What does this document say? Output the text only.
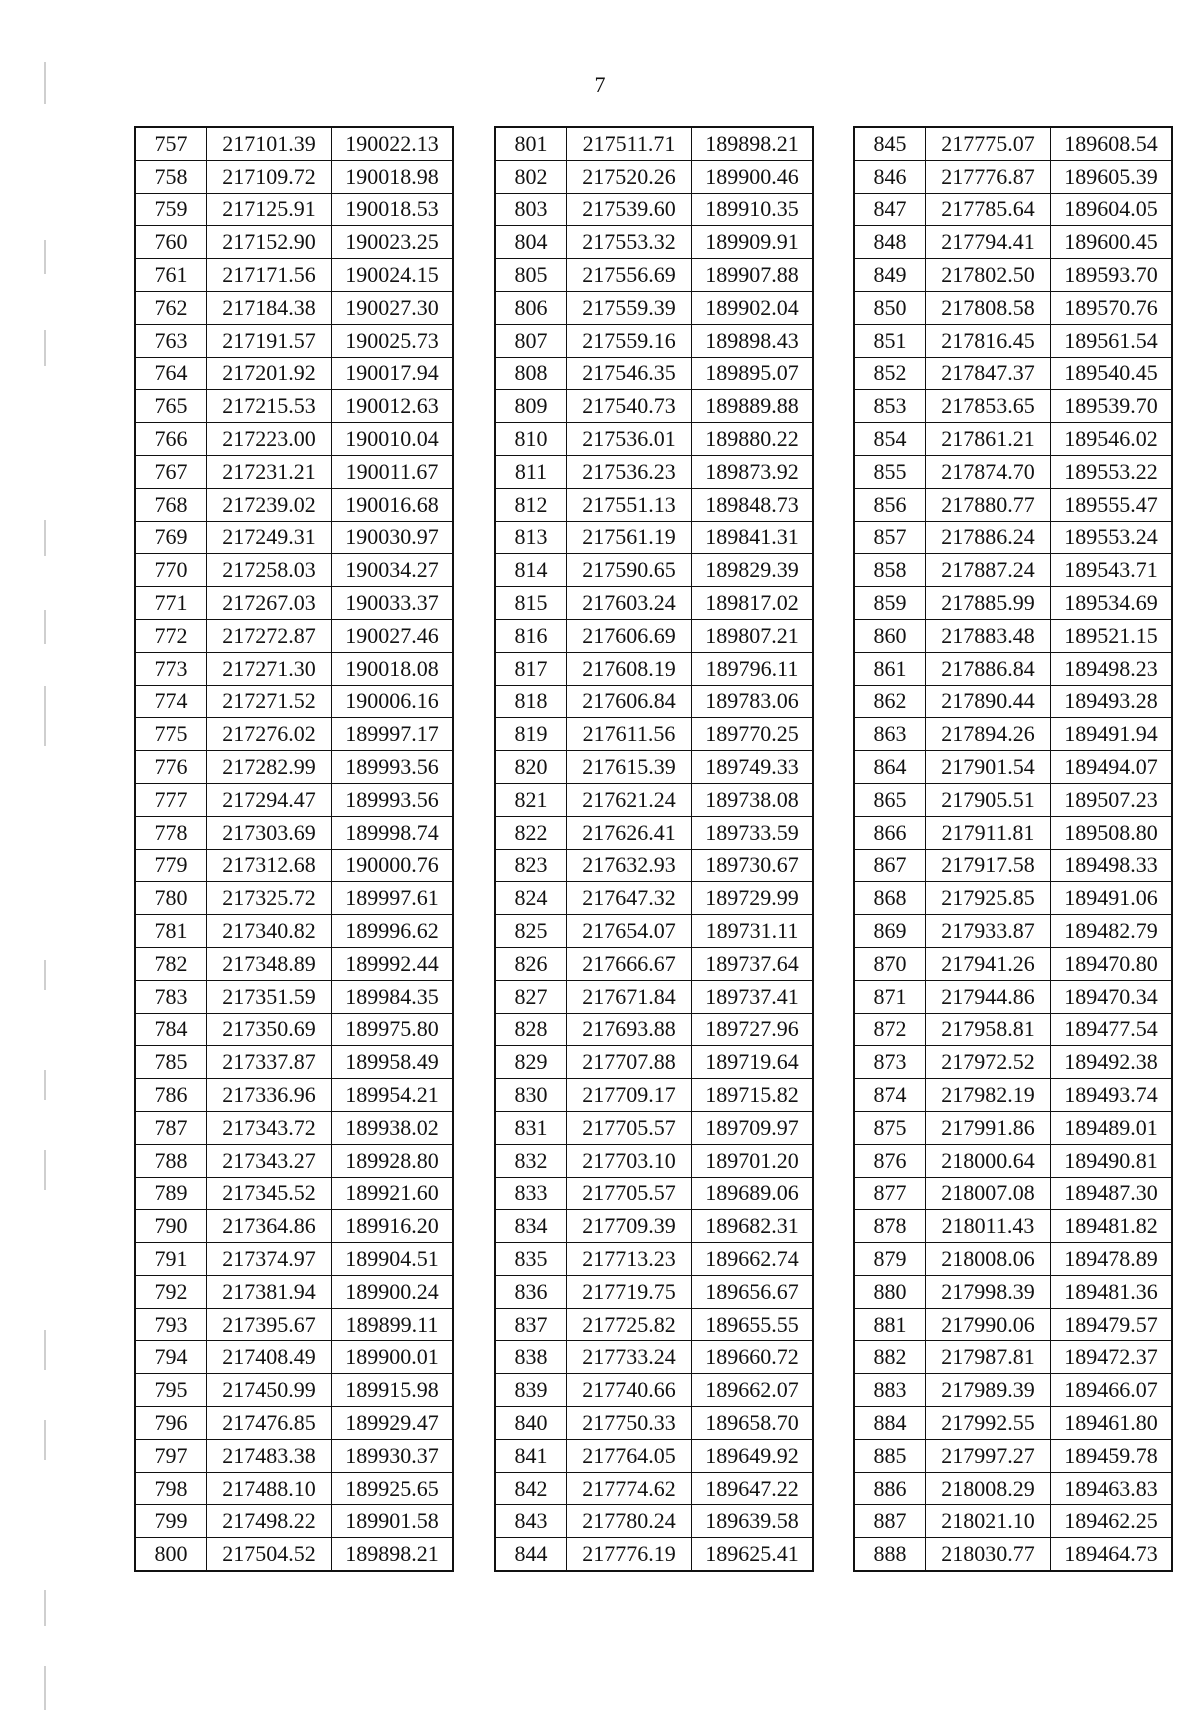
7
757	217101.39	190022.13
758	217109.72	190018.98
759	217125.91	190018.53
760	217152.90	190023.25
761	217171.56	190024.15
762	217184.38	190027.30
763	217191.57	190025.73
764	217201.92	190017.94
765	217215.53	190012.63
766	217223.00	190010.04
767	217231.21	190011.67
768	217239.02	190016.68
769	217249.31	190030.97
770	217258.03	190034.27
771	217267.03	190033.37
772	217272.87	190027.46
773	217271.30	190018.08
774	217271.52	190006.16
775	217276.02	189997.17
776	217282.99	189993.56
777	217294.47	189993.56
778	217303.69	189998.74
779	217312.68	190000.76
780	217325.72	189997.61
781	217340.82	189996.62
782	217348.89	189992.44
783	217351.59	189984.35
784	217350.69	189975.80
785	217337.87	189958.49
786	217336.96	189954.21
787	217343.72	189938.02
788	217343.27	189928.80
789	217345.52	189921.60
790	217364.86	189916.20
791	217374.97	189904.51
792	217381.94	189900.24
793	217395.67	189899.11
794	217408.49	189900.01
795	217450.99	189915.98
796	217476.85	189929.47
797	217483.38	189930.37
798	217488.10	189925.65
799	217498.22	189901.58
800	217504.52	189898.21
801	217511.71	189898.21
802	217520.26	189900.46
803	217539.60	189910.35
804	217553.32	189909.91
805	217556.69	189907.88
806	217559.39	189902.04
807	217559.16	189898.43
808	217546.35	189895.07
809	217540.73	189889.88
810	217536.01	189880.22
811	217536.23	189873.92
812	217551.13	189848.73
813	217561.19	189841.31
814	217590.65	189829.39
815	217603.24	189817.02
816	217606.69	189807.21
817	217608.19	189796.11
818	217606.84	189783.06
819	217611.56	189770.25
820	217615.39	189749.33
821	217621.24	189738.08
822	217626.41	189733.59
823	217632.93	189730.67
824	217647.32	189729.99
825	217654.07	189731.11
826	217666.67	189737.64
827	217671.84	189737.41
828	217693.88	189727.96
829	217707.88	189719.64
830	217709.17	189715.82
831	217705.57	189709.97
832	217703.10	189701.20
833	217705.57	189689.06
834	217709.39	189682.31
835	217713.23	189662.74
836	217719.75	189656.67
837	217725.82	189655.55
838	217733.24	189660.72
839	217740.66	189662.07
840	217750.33	189658.70
841	217764.05	189649.92
842	217774.62	189647.22
843	217780.24	189639.58
844	217776.19	189625.41
845	217775.07	189608.54
846	217776.87	189605.39
847	217785.64	189604.05
848	217794.41	189600.45
849	217802.50	189593.70
850	217808.58	189570.76
851	217816.45	189561.54
852	217847.37	189540.45
853	217853.65	189539.70
854	217861.21	189546.02
855	217874.70	189553.22
856	217880.77	189555.47
857	217886.24	189553.24
858	217887.24	189543.71
859	217885.99	189534.69
860	217883.48	189521.15
861	217886.84	189498.23
862	217890.44	189493.28
863	217894.26	189491.94
864	217901.54	189494.07
865	217905.51	189507.23
866	217911.81	189508.80
867	217917.58	189498.33
868	217925.85	189491.06
869	217933.87	189482.79
870	217941.26	189470.80
871	217944.86	189470.34
872	217958.81	189477.54
873	217972.52	189492.38
874	217982.19	189493.74
875	217991.86	189489.01
876	218000.64	189490.81
877	218007.08	189487.30
878	218011.43	189481.82
879	218008.06	189478.89
880	217998.39	189481.36
881	217990.06	189479.57
882	217987.81	189472.37
883	217989.39	189466.07
884	217992.55	189461.80
885	217997.27	189459.78
886	218008.29	189463.83
887	218021.10	189462.25
888	218030.77	189464.73
